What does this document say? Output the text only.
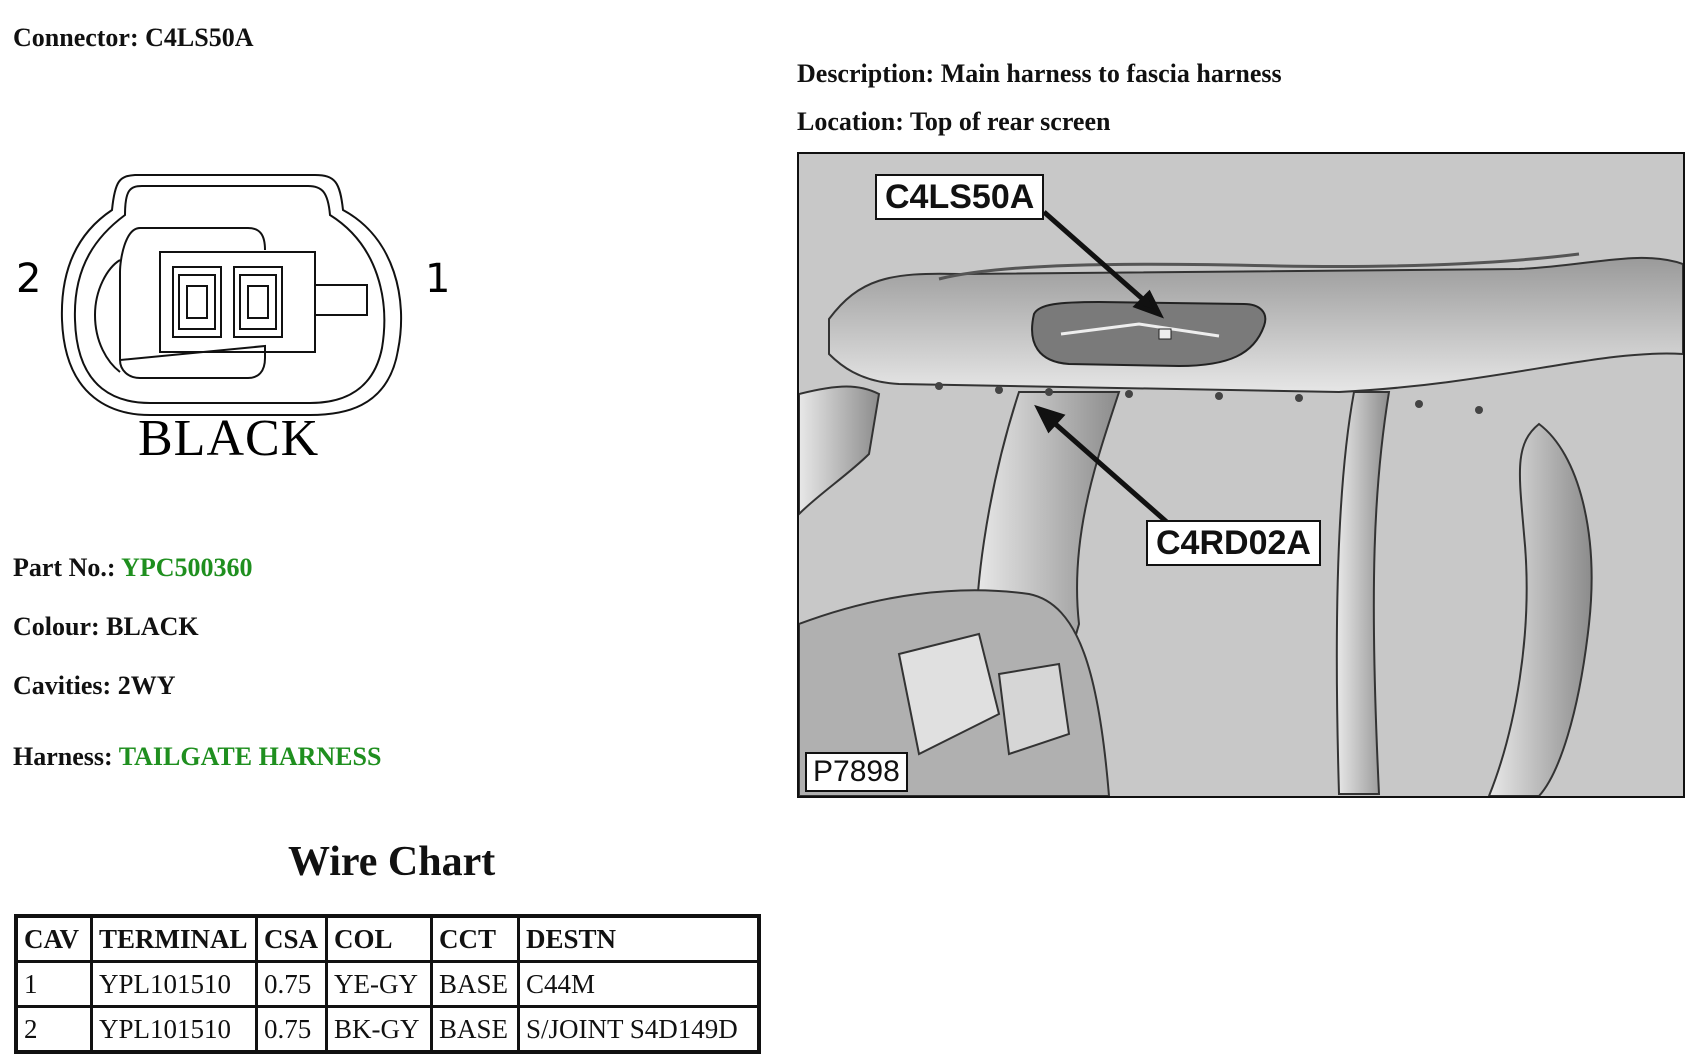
Connector: C4LS50A
Description: Main harness to fascia harness
Location: Top of rear screen
2	1
BLACK
Part No.: YPC500360
Colour: BLACK
Cavities: 2WY
Harness: TAILGATE HARNESS
C4LS50A
C4RD02A
P7898
Wire Chart
CAV	TERMINAL	CSA	COL	CCT	DESTN
1	YPL101510	0.75	YE-GY	BASE	C44M
2	YPL101510	0.75	BK-GY	BASE	S/JOINT S4D149D
